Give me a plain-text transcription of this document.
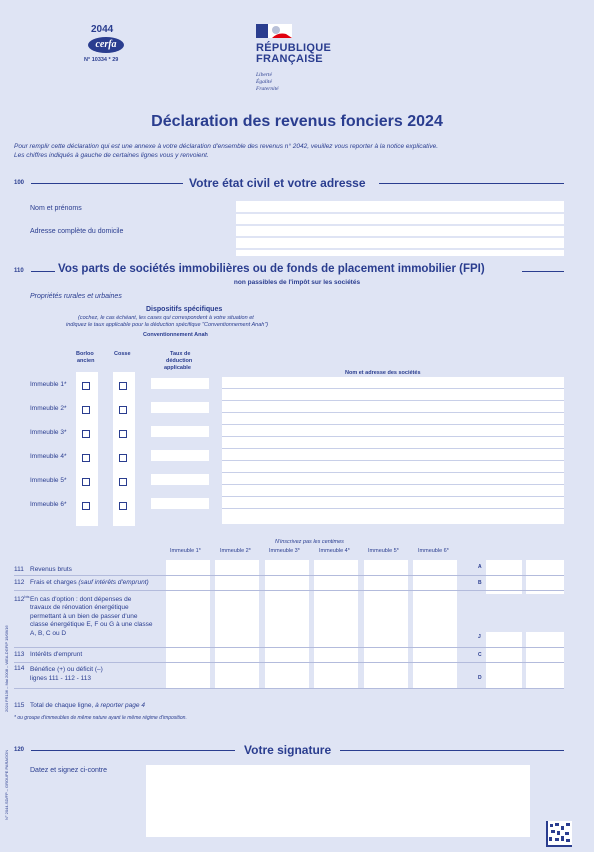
2044
cerfa
N° 10334 * 29
RÉPUBLIQUE
FRANÇAISE
Liberté
Égalité
Fraternité
Déclaration des revenus fonciers 2024
Pour remplir cette déclaration qui est une annexe à votre déclaration d'ensemble des revenus n° 2042, veuillez vous reporter à la notice explicative.
Les chiffres indiqués à gauche de certaines lignes vous y renvoient.
100	Votre état civil et votre adresse
Nom et prénoms
Adresse complète du domicile
110	Vos parts de sociétés immobilières ou de fonds de placement immobilier (FPI)
non passibles de l'impôt sur les sociétés
Propriétés rurales et urbaines
Dispositifs spécifiques
(cochez, le cas échéant, les cases qui correspondent à votre situation et
indiquez le taux applicable pour la déduction spécifique "Conventionnement Anah")
Conventionnement Anah
Borloo
ancien
Cosse	Taux de
déduction
applicable
Nom et adresse des sociétés
Immeuble 1*
Immeuble 2*
Immeuble 3*
Immeuble 4*
Immeuble 5*
Immeuble 6*
N'inscrivez pas les centimes
Immeuble 1*	Immeuble 2*	Immeuble 3*	Immeuble 4*	Immeuble 5*	Immeuble 6*
111 Revenus bruts	A
112 Frais et charges (sauf intérêts d'emprunt)	B
$112^{bis}$ En cas d'option : dont dépenses de
travaux de rénovation énergétique
permettant à un bien de passer d'une
classe énergétique E, F ou G à une classe
A, B, C ou D
J
113 Intérêts d'emprunt	C
114 Bénéfice (+) ou déficit (–)
lignes 111 - 112 - 113	D
115 Total de chaque ligne, à reporter page 4
* ou groupe d'immeubles de même nature ayant le même régime d'imposition.
120	Votre signature
Datez et signez ci-contre
N° 2044-SD/FP – GROUPE PARAGON
2024 FR136 – Mai 2008 – WEA-DGFIP 19/09/16
